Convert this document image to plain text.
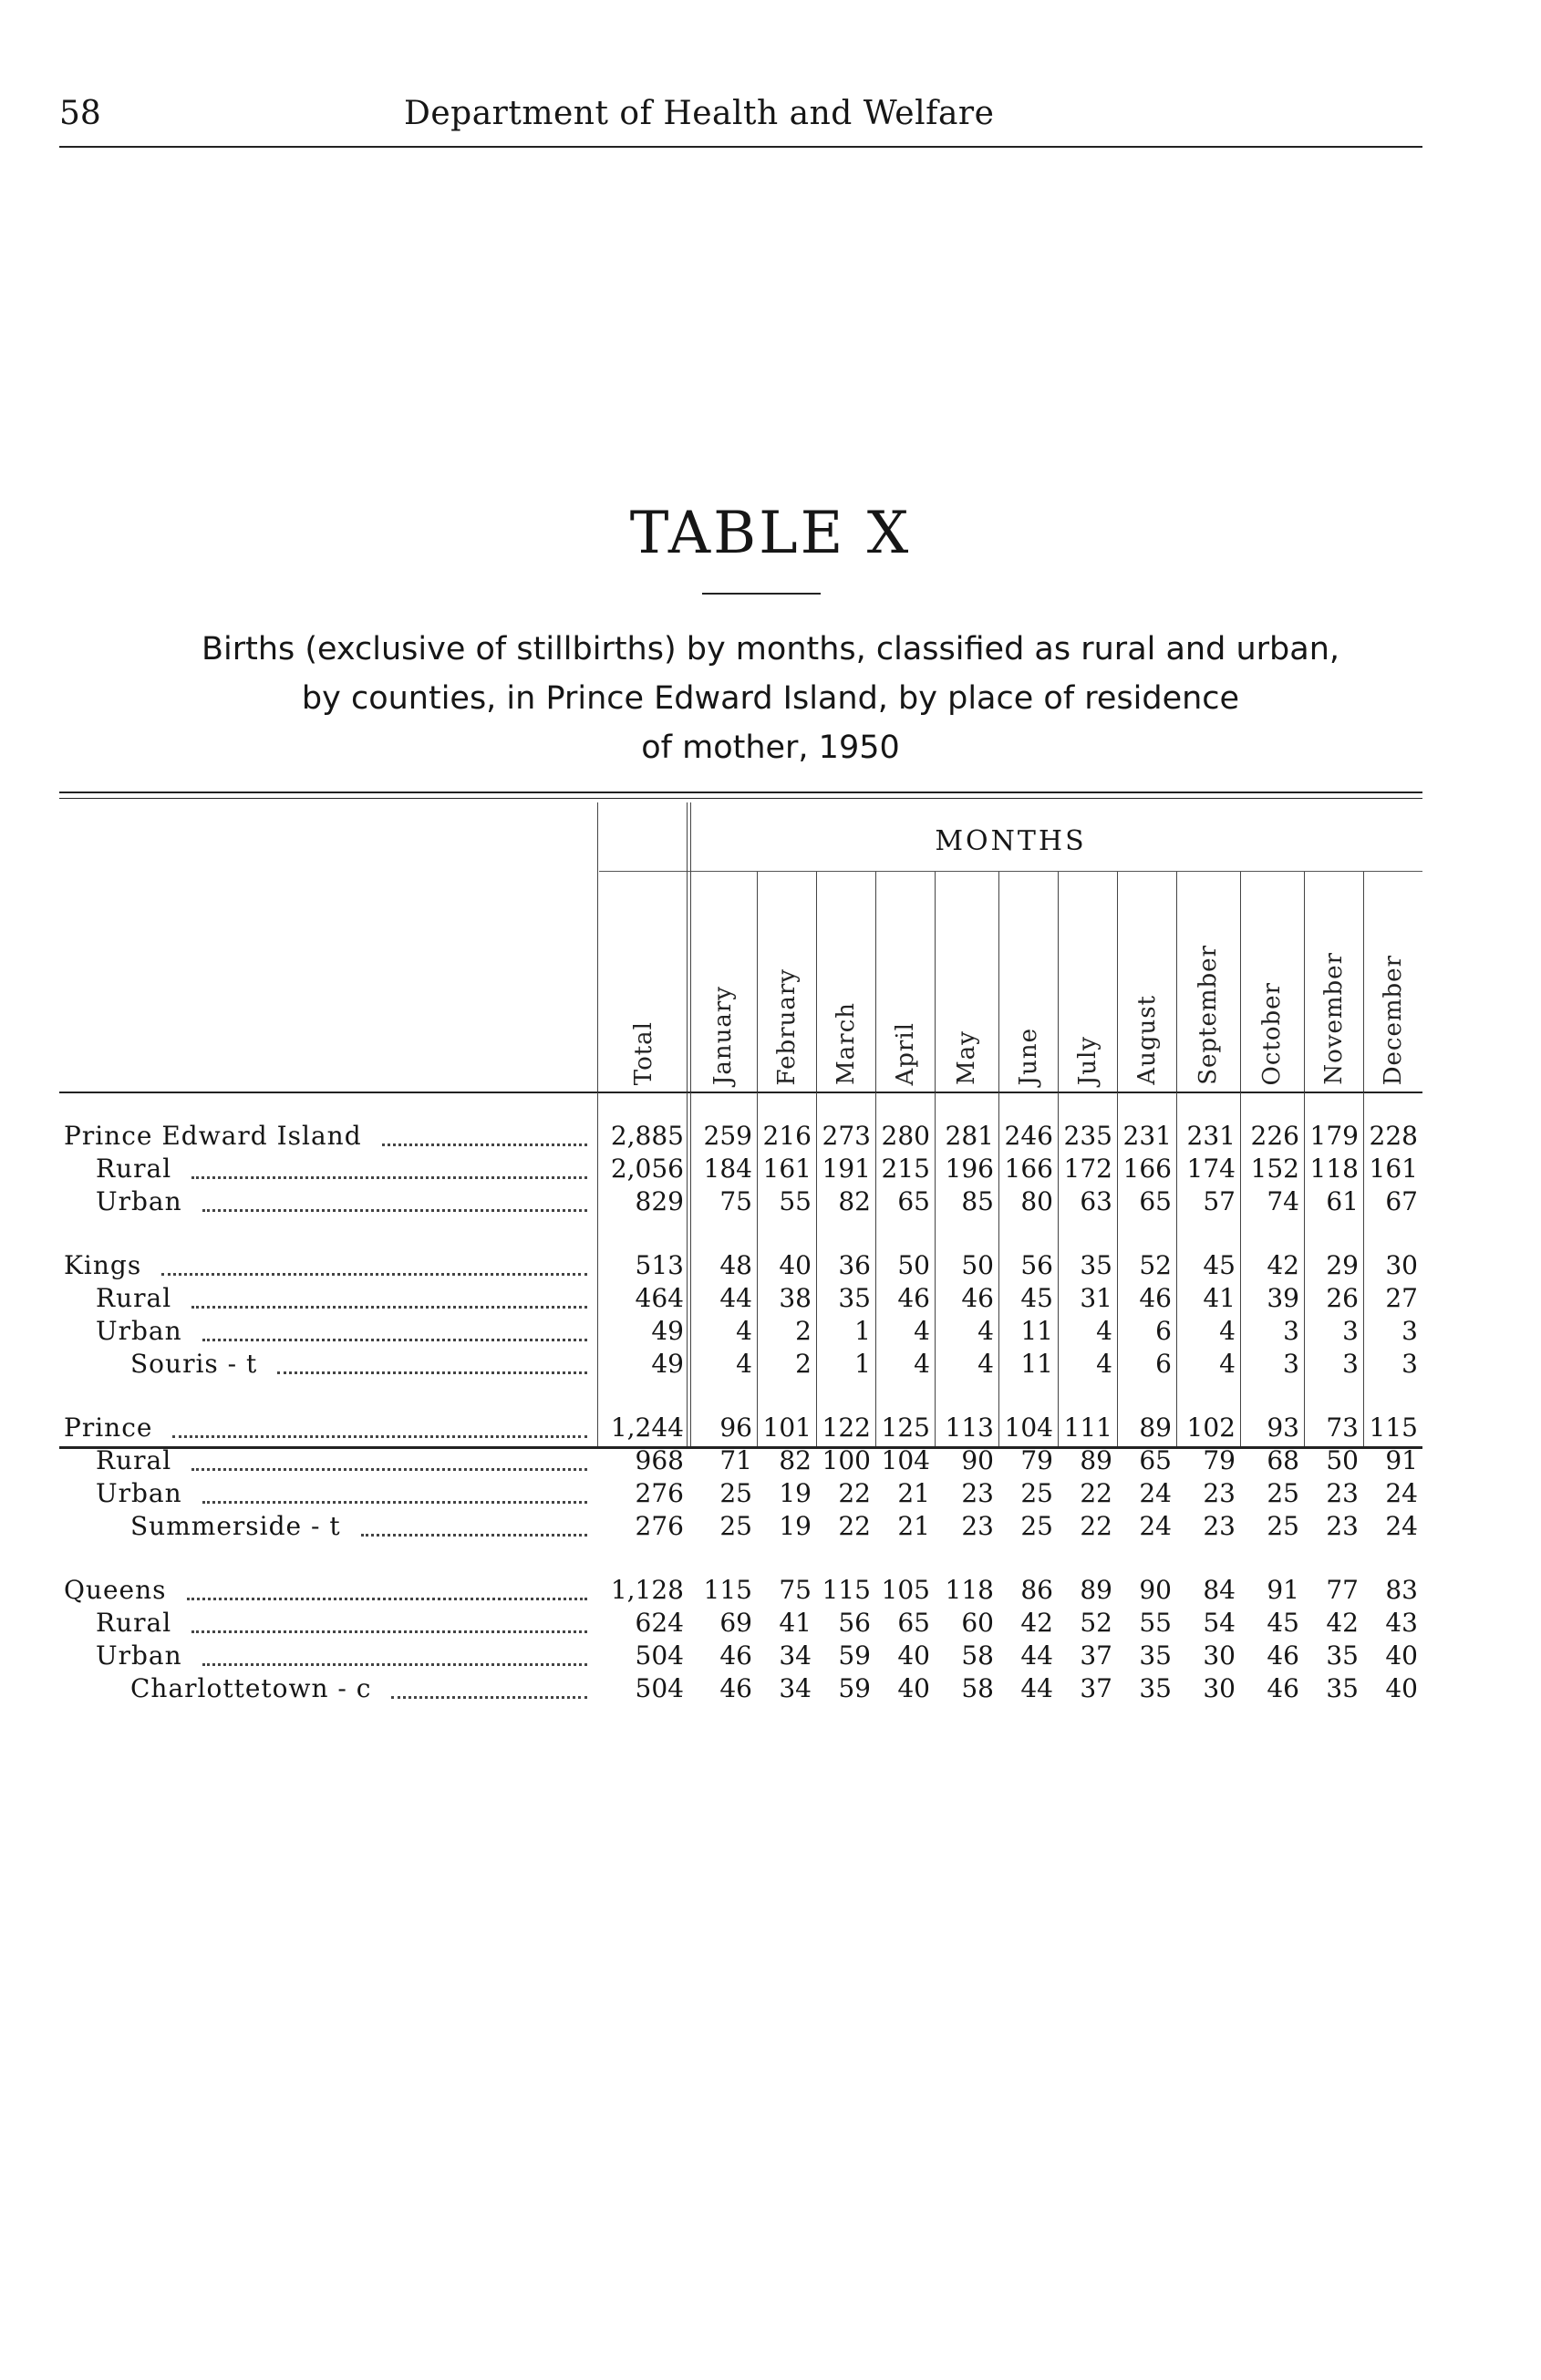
58	Department of Health and Welfare
TABLE X
Births (exclusive of stillbirths) by months, classified as rural and urban,
by counties, in Prince Edward Island, by place of residence
of mother, 1950
MONTHS
Total January February March April May June July August September October November December
Prince Edward Island	2,885 259 216 273 280 281 246 235 231 231 226 179 228
Rural	2,056 184 161 191 215 196 166 172 166 174 152 118 161
Urban	829	75	55	82	65	85	80	63	65	57	74	61	67
Kings	513	48	40	36	50	50	56	35	52	45	42	29	30
Rural	464	44	38	35	46	46	45	31	46	41	39	26	27
Urban	49	4	2	1	4	4	11	4	6	4	3	3	3
Souris - t	49	4	2	1	4	4	11	4	6	4	3	3	3
Prince	1,244	96 101 122 125 113 104 111	89 102	93	73 115
Rural	968	71	82 100 104	90	79	89	65	79	68	50	91
Urban	276	25	19	22	21	23	25	22	24	23	25	23	24
Summerside - t	276	25	19	22	21	23	25	22	24	23	25	23	24
Queens	1,128 115	75 115 105 118	86	89	90	84	91	77	83
Rural	624	69	41	56	65	60	42	52	55	54	45	42	43
Urban	504	46	34	59	40	58	44	37	35	30	46	35	40
Charlottetown - c	504	46	34	59	40	58	44	37	35	30	46	35	40
